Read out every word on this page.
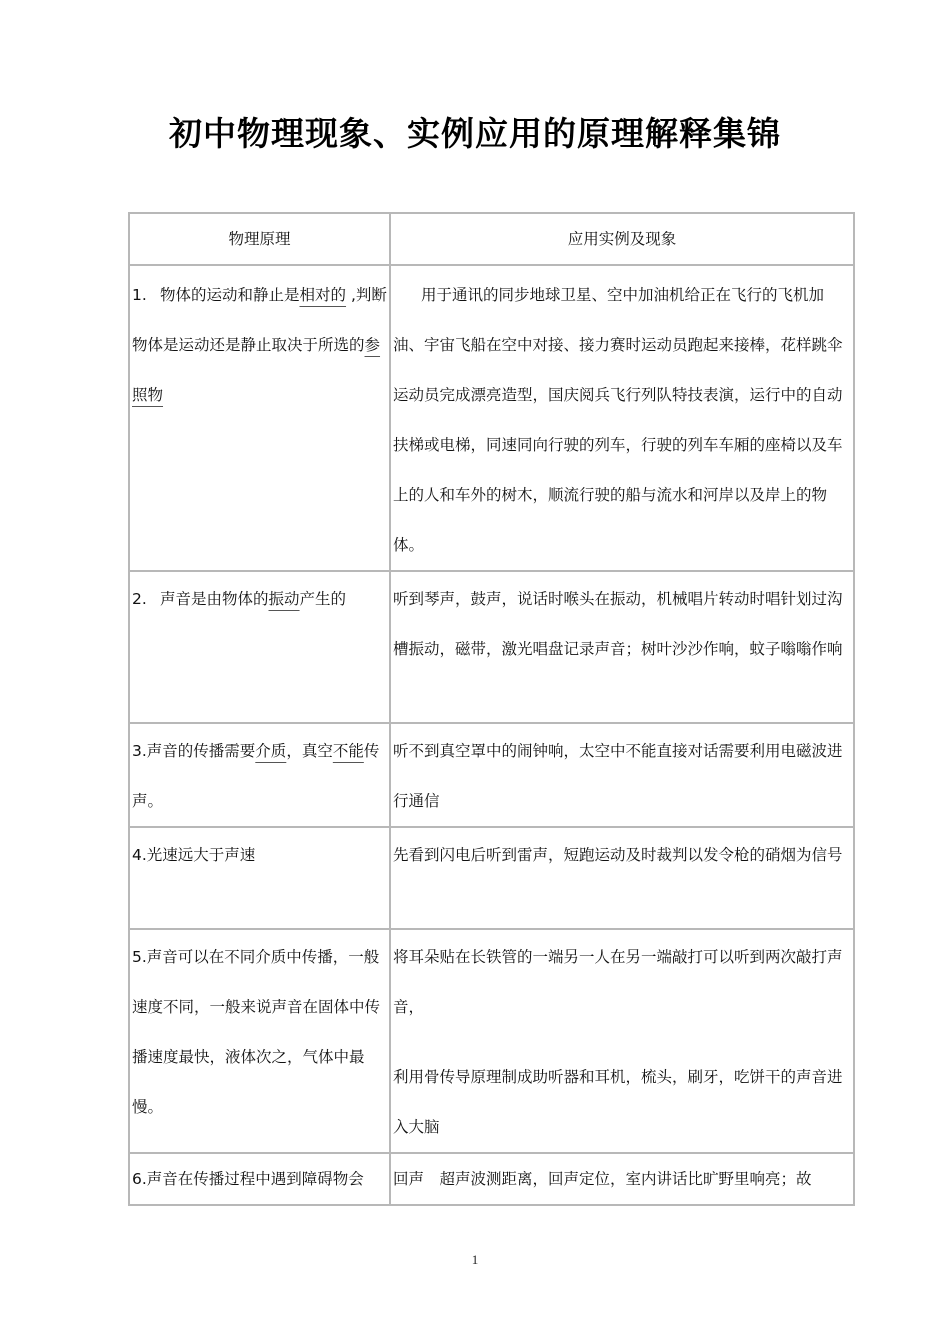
初中物理现象、实例应用的原理解释集锦
物理原理	应用实例及现象
1. 物体的运动和静止是相对的 ,判断物体是运动还是静止取决于所选的参照物	用于通讯的同步地球卫星、空中加油机给正在飞行的飞机加油、宇宙飞船在空中对接、接力赛时运动员跑起来接棒，花样跳伞运动员完成漂亮造型，国庆阅兵飞行列队特技表演，运行中的自动扶梯或电梯，同速同向行驶的列车，行驶的列车车厢的座椅以及车上的人和车外的树木，顺流行驶的船与流水和河岸以及岸上的物体。

2. 声音是由物体的振动产生的	听到琴声，鼓声，说话时喉头在振动，机械唱片转动时唱针划过沟槽振动，磁带，激光唱盘记录声音；树叶沙沙作响，蚊子嗡嗡作响
3.声音的传播需要介质，真空不能传声。	听不到真空罩中的闹钟响，太空中不能直接对话需要利用电磁波进行通信
4.光速远大于声速	先看到闪电后听到雷声，短跑运动及时裁判以发令枪的硝烟为信号
5.声音可以在不同介质中传播，一般速度不同，一般来说声音在固体中传播速度最快，液体次之，气体中最慢。	将耳朵贴在长铁管的一端另一人在另一端敲打可以听到两次敲打声音，
利用骨传导原理制成助听器和耳机，梳头，刷牙，吃饼干的声音进入大脑

6.声音在传播过程中遇到障碍物会	回声　超声波测距离，回声定位，室内讲话比旷野里响亮；故
1
